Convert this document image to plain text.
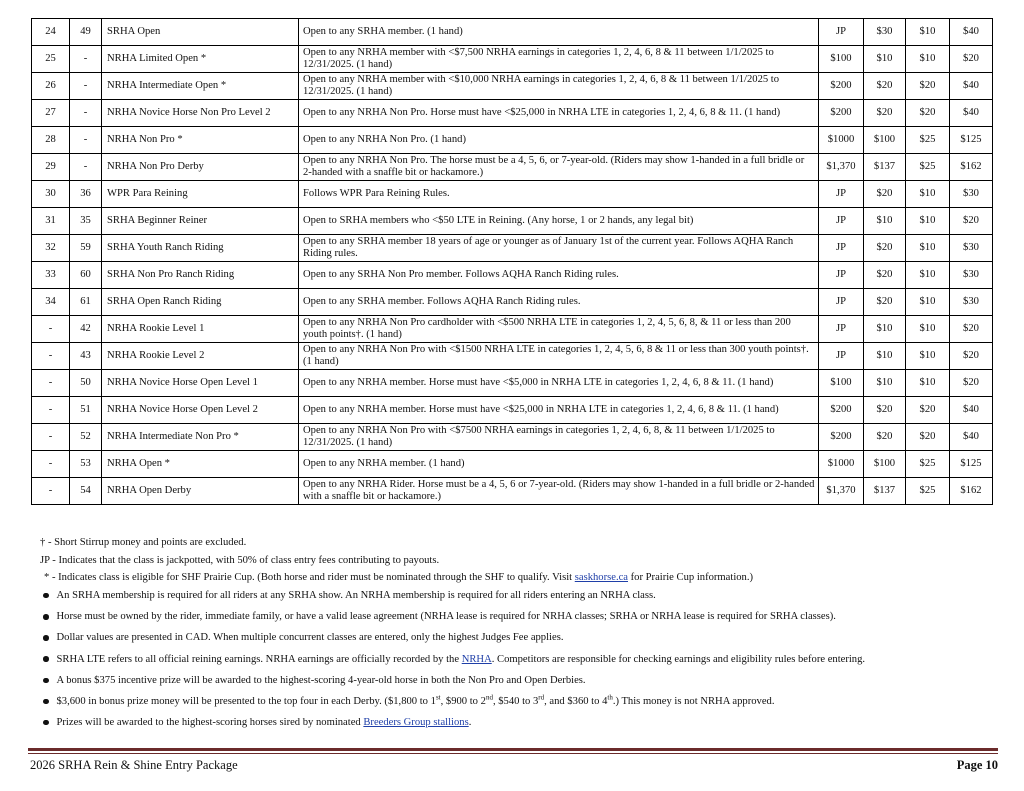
24	49	SRHA Open	Open to any SRHA member. (1 hand)	JP	$30	$10	$40
25	-	NRHA Limited Open *	Open to any NRHA member with <$7,500 NRHA earnings in categories 1, 2, 4, 6, 8 & 11 between 1/1/2025 to 12/31/2025. (1 hand)	$100	$10	$10	$20
26	-	NRHA Intermediate Open *	Open to any NRHA member with <$10,000 NRHA earnings in categories 1, 2, 4, 6, 8 & 11 between 1/1/2025 to 12/31/2025. (1 hand)	$200	$20	$20	$40
27	-	NRHA Novice Horse Non Pro Level 2	Open to any NRHA Non Pro. Horse must have <$25,000 in NRHA LTE in categories 1, 2, 4, 6, 8 & 11. (1 hand)	$200	$20	$20	$40
28	-	NRHA Non Pro *	Open to any NRHA Non Pro. (1 hand)	$1000	$100	$25	$125
29	-	NRHA Non Pro Derby	Open to any NRHA Non Pro. The horse must be a 4, 5, 6, or 7-year-old. (Riders may show 1-handed in a full bridle or 2-handed with a snaffle bit or hackamore.)	$1,370	$137	$25	$162
30	36	WPR Para Reining	Follows WPR Para Reining Rules.	JP	$20	$10	$30
31	35	SRHA Beginner Reiner	Open to SRHA members who <$50 LTE in Reining. (Any horse, 1 or 2 hands, any legal bit)	JP	$10	$10	$20
32	59	SRHA Youth Ranch Riding	Open to any SRHA member 18 years of age or younger as of January 1st of the current year. Follows AQHA Ranch Riding rules.	JP	$20	$10	$30
33	60	SRHA Non Pro Ranch Riding	Open to any SRHA Non Pro member. Follows AQHA Ranch Riding rules.	JP	$20	$10	$30
34	61	SRHA Open Ranch Riding	Open to any SRHA member. Follows AQHA Ranch Riding rules.	JP	$20	$10	$30
-	42	NRHA Rookie Level 1	Open to any NRHA Non Pro cardholder with <$500 NRHA LTE in categories 1, 2, 4, 5, 6, 8, & 11 or less than 200 youth points†. (1 hand)	JP	$10	$10	$20
-	43	NRHA Rookie Level 2	Open to any NRHA Non Pro with <$1500 NRHA LTE in categories 1, 2, 4, 5, 6, 8 & 11 or less than 300 youth points†. (1 hand)	JP	$10	$10	$20
-	50	NRHA Novice Horse Open Level 1	Open to any NRHA member. Horse must have <$5,000 in NRHA LTE in categories 1, 2, 4, 6, 8 & 11. (1 hand)	$100	$10	$10	$20
-	51	NRHA Novice Horse Open Level 2	Open to any NRHA member. Horse must have <$25,000 in NRHA LTE in categories 1, 2, 4, 6, 8 & 11. (1 hand)	$200	$20	$20	$40
-	52	NRHA Intermediate Non Pro *	Open to any NRHA Non Pro with <$7500 NRHA earnings in categories 1, 2, 4, 6, 8, & 11 between 1/1/2025 to 12/31/2025. (1 hand)	$200	$20	$20	$40
-	53	NRHA Open *	Open to any NRHA member. (1 hand)	$1000	$100	$25	$125
-	54	NRHA Open Derby	Open to any NRHA Rider. Horse must be a 4, 5, 6 or 7-year-old. (Riders may show 1-handed in a full bridle or 2-handed with a snaffle bit or hackamore.)	$1,370	$137	$25	$162
† - Short Stirrup money and points are excluded.
JP - Indicates that the class is jackpotted, with 50% of class entry fees contributing to payouts.
* - Indicates class is eligible for SHF Prairie Cup. (Both horse and rider must be nominated through the SHF to qualify. Visit saskhorse.ca for Prairie Cup information.)
An SRHA membership is required for all riders at any SRHA show. An NRHA membership is required for all riders entering an NRHA class.
Horse must be owned by the rider, immediate family, or have a valid lease agreement (NRHA lease is required for NRHA classes; SRHA or NRHA lease is required for SRHA classes).
Dollar values are presented in CAD. When multiple concurrent classes are entered, only the highest Judges Fee applies.
SRHA LTE refers to all official reining earnings. NRHA earnings are officially recorded by the NRHA. Competitors are responsible for checking earnings and eligibility rules before entering.
A bonus $375 incentive prize will be awarded to the highest-scoring 4-year-old horse in both the Non Pro and Open Derbies.
$3,600 in bonus prize money will be presented to the top four in each Derby. ($1,800 to 1st, $900 to 2nd, $540 to 3rd, and $360 to 4th.) This money is not NRHA approved.
Prizes will be awarded to the highest-scoring horses sired by nominated Breeders Group stallions.
2026 SRHA Rein & Shine Entry Package	Page 10
